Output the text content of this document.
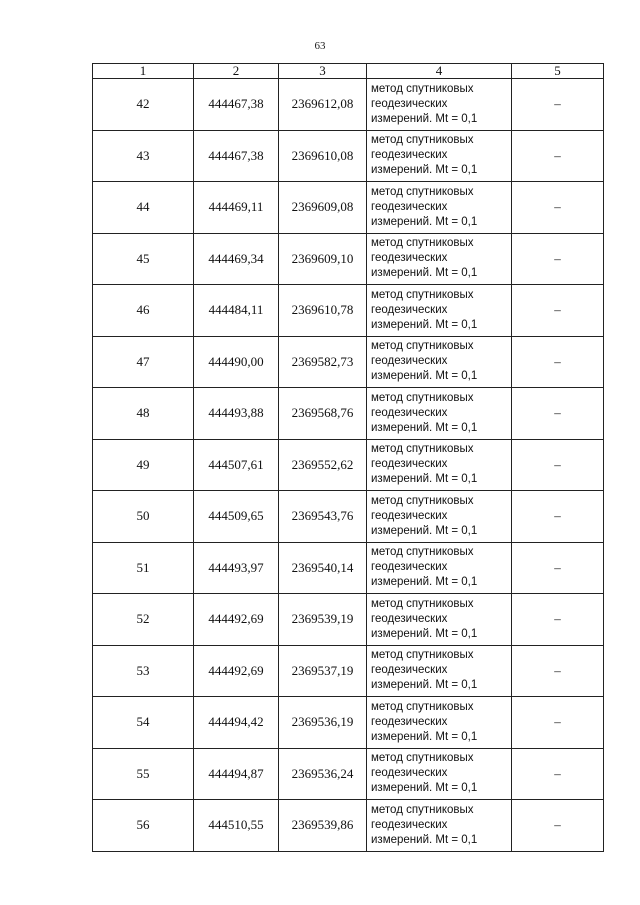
63
1	2	3	4	5
42	444467,38	2369612,08	метод спутниковых
геодезических
измерений. Mt = 0,1	–
43	444467,38	2369610,08	метод спутниковых
геодезических
измерений. Mt = 0,1	–
44	444469,11	2369609,08	метод спутниковых
геодезических
измерений. Mt = 0,1	–
45	444469,34	2369609,10	метод спутниковых
геодезических
измерений. Mt = 0,1	–
46	444484,11	2369610,78	метод спутниковых
геодезических
измерений. Mt = 0,1	–
47	444490,00	2369582,73	метод спутниковых
геодезических
измерений. Mt = 0,1	–
48	444493,88	2369568,76	метод спутниковых
геодезических
измерений. Mt = 0,1	–
49	444507,61	2369552,62	метод спутниковых
геодезических
измерений. Mt = 0,1	–
50	444509,65	2369543,76	метод спутниковых
геодезических
измерений. Mt = 0,1	–
51	444493,97	2369540,14	метод спутниковых
геодезических
измерений. Mt = 0,1	–
52	444492,69	2369539,19	метод спутниковых
геодезических
измерений. Mt = 0,1	–
53	444492,69	2369537,19	метод спутниковых
геодезических
измерений. Mt = 0,1	–
54	444494,42	2369536,19	метод спутниковых
геодезических
измерений. Mt = 0,1	–
55	444494,87	2369536,24	метод спутниковых
геодезических
измерений. Mt = 0,1	–
56	444510,55	2369539,86	метод спутниковых
геодезических
измерений. Mt = 0,1	–
